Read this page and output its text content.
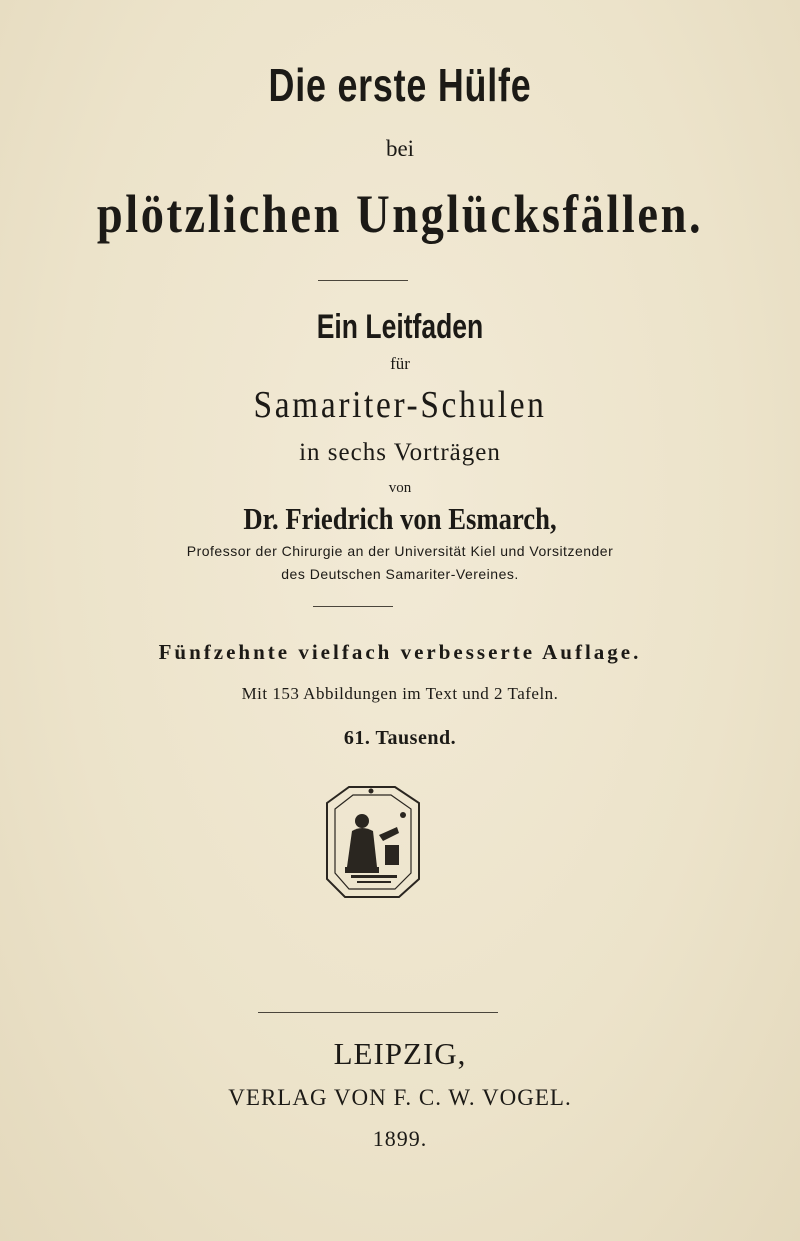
Die erste Hülfe
bei
plötzlichen Unglücksfällen.
Ein Leitfaden
für
Samariter-Schulen
in sechs Vorträgen
von
Dr. Friedrich von Esmarch,
Professor der Chirurgie an der Universität Kiel und Vorsitzender
des Deutschen Samariter-Vereines.
Fünfzehnte vielfach verbesserte Auflage.
Mit 153 Abbildungen im Text und 2 Tafeln.
61. Tausend.
LEIPZIG,
VERLAG VON F. C. W. VOGEL.
1899.
